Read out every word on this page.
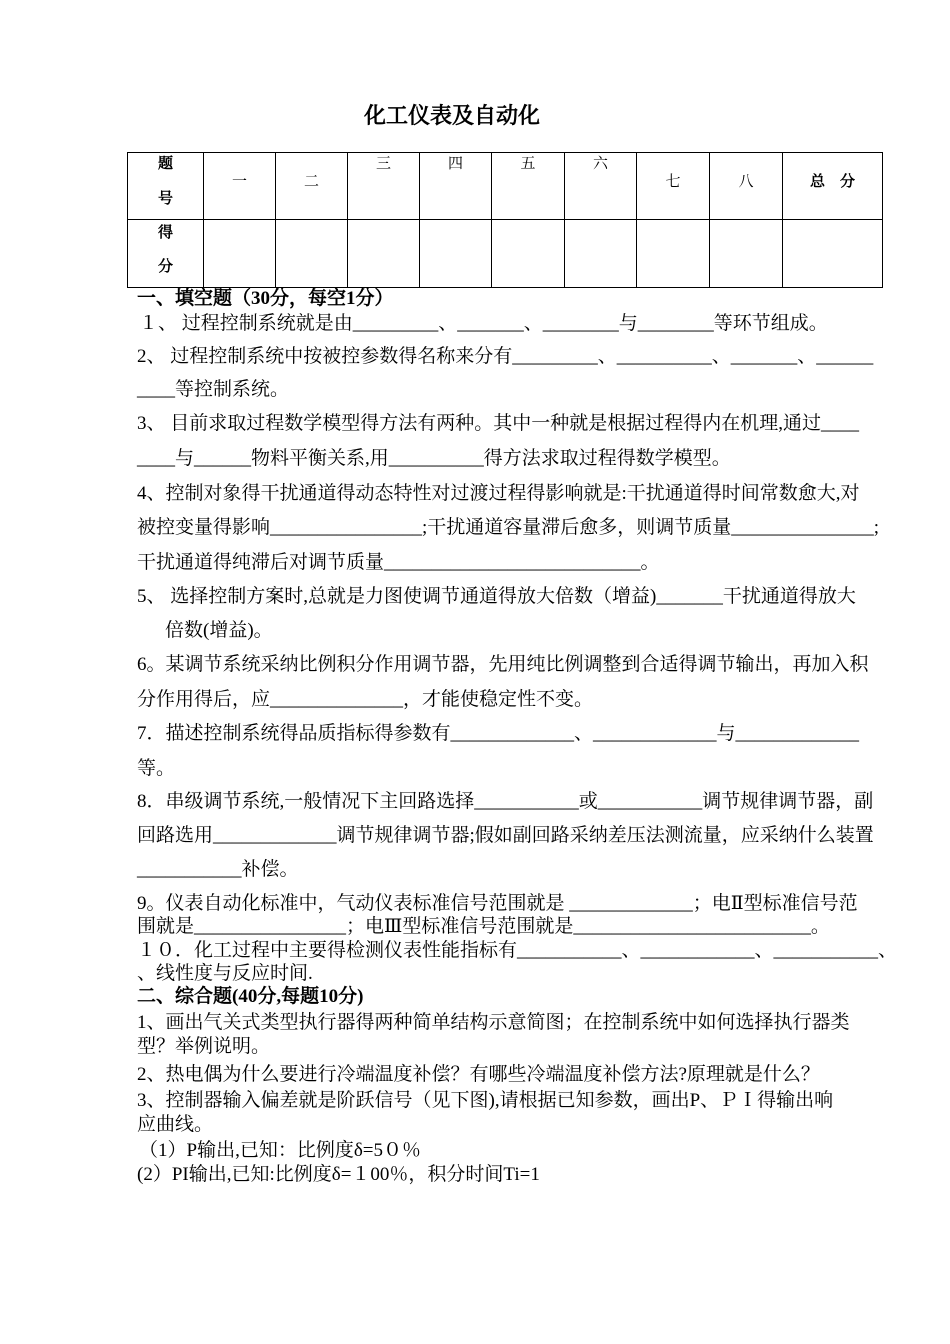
化工仪表及自动化
题
号	一	二	三	四	五	六	七	八	总　分

得
分									

一、填空题（30分，每空1分）
１、 过程控制系统就是由_________、_______、________与________等环节组成。
2、 过程控制系统中按被控参数得名称来分有_________、__________、_______、______
____等控制系统。
3、 目前求取过程数学模型得方法有两种。其中一种就是根据过程得内在机理,通过____
____与______物料平衡关系,用__________得方法求取过程得数学模型。
4、控制对象得干扰通道得动态特性对过渡过程得影响就是:干扰通道得时间常数愈大,对
被控变量得影响________________;干扰通道容量滞后愈多，则调节质量_______________;
干扰通道得纯滞后对调节质量___________________________。
5、 选择控制方案时,总就是力图使调节通道得放大倍数（增益)_______干扰通道得放大
倍数(增益)。
6。某调节系统采纳比例积分作用调节器，先用纯比例调整到合适得调节输出，再加入积
分作用得后，应______________，才能使稳定性不变。
7．描述控制系统得品质指标得参数有_____________、_____________与_____________
等。
8．串级调节系统,一般情况下主回路选择___________或___________调节规律调节器，副
回路选用_____________调节规律调节器;假如副回路采纳差压法测流量，应采纳什么装置
___________补偿。
9。仪表自动化标准中，气动仪表标准信号范围就是 _____________；电Ⅱ型标准信号范
围就是________________；电Ⅲ型标准信号范围就是_________________________。
１０．化工过程中主要得检测仪表性能指标有___________、____________、___________、
、线性度与反应时间.
二、综合题(40分,每题10分)
1、画出气关式类型执行器得两种简单结构示意简图；在控制系统中如何选择执行器类
型？举例说明。
2、热电偶为什么要进行冷端温度补偿？有哪些冷端温度补偿方法?原理就是什么？
3、控制器输入偏差就是阶跃信号（见下图),请根据已知参数，画出P、ＰＩ得输出响
应曲线。
（1）P输出,已知：比例度δ=5０％
(2）PI输出,已知:比例度δ=１00％，积分时间Ti=1
